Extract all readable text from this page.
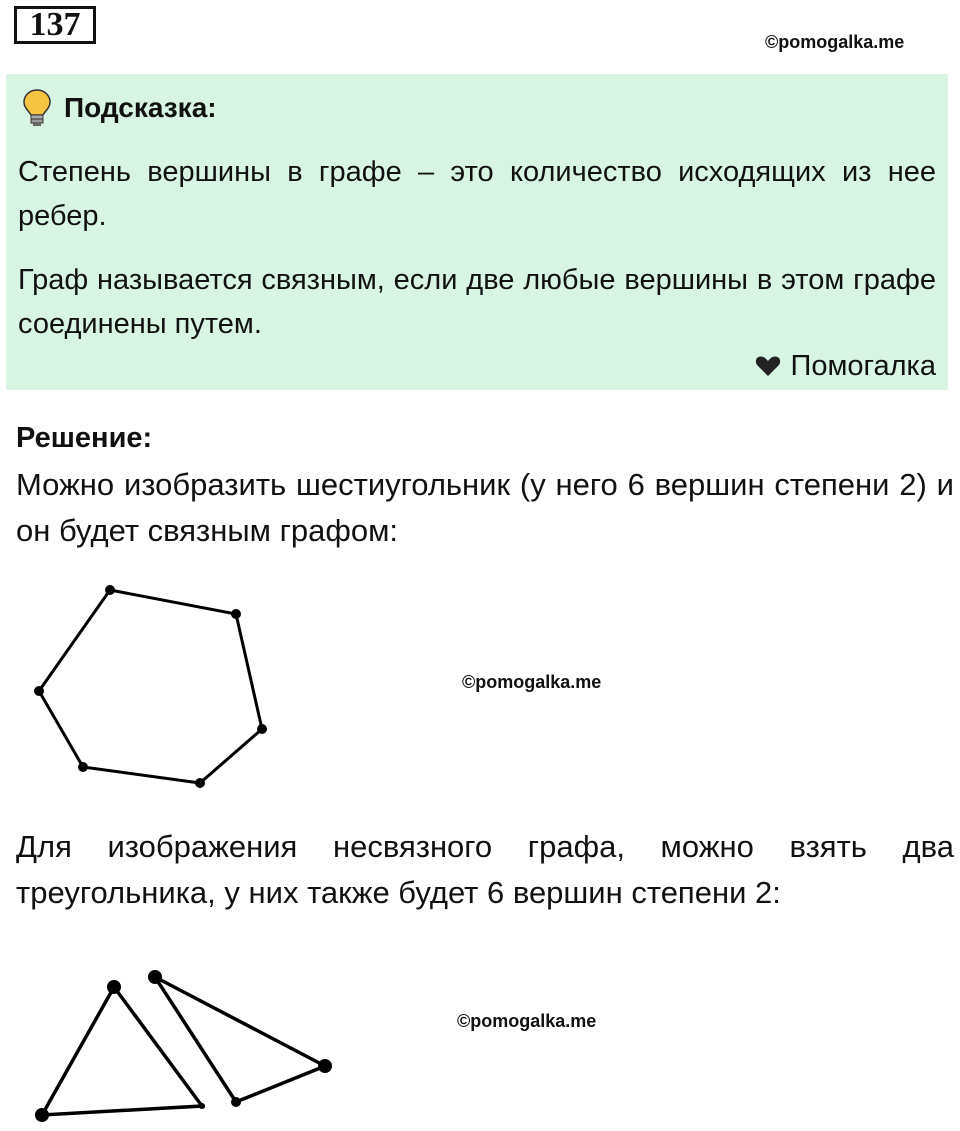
137	©pomogalka.me
Подсказка:
Степень вершины в графе – это количество исходящих из нее ребер.
Граф называется связным, если две любые вершины в этом графе соединены путем.
Помогалка
Решение:
Можно изобразить шестиугольник (у него 6 вершин степени 2) и он будет связным графом:
©pomogalka.me
Для изображения несвязного графа, можно взять два треугольника, у них также будет 6 вершин степени 2:
©pomogalka.me
